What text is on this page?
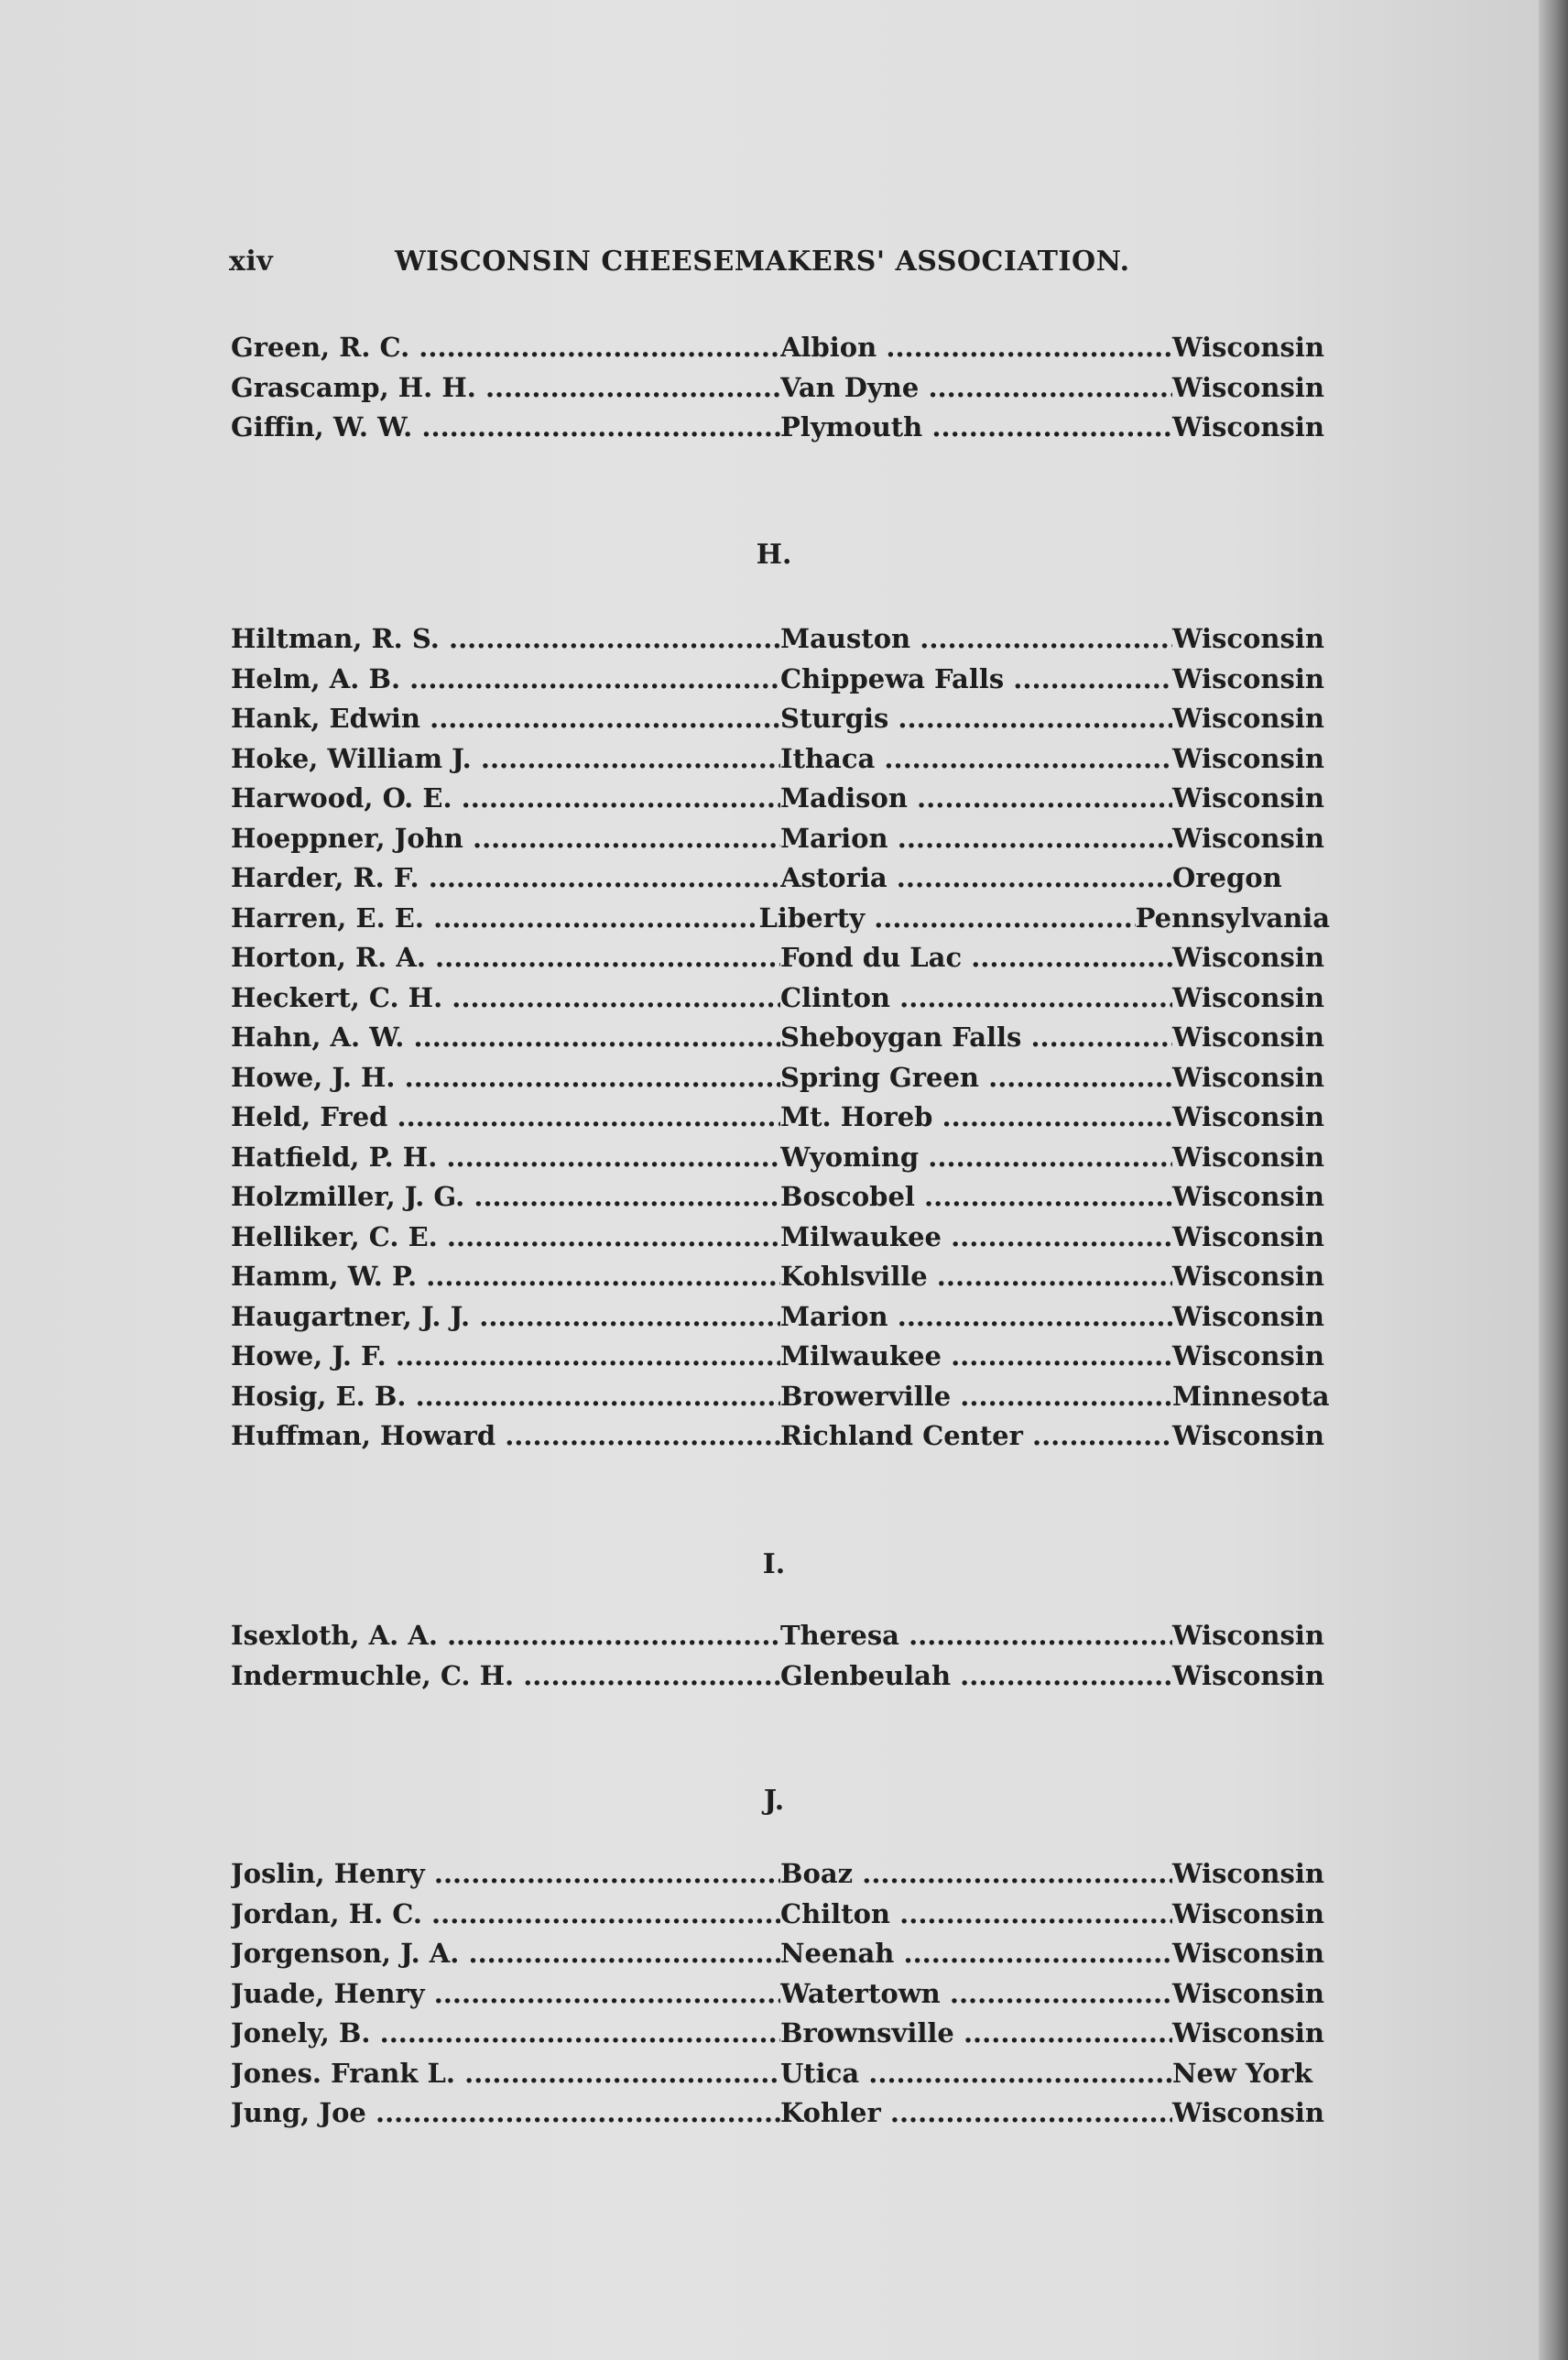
xiv	WISCONSIN CHEESEMAKERS' ASSOCIATION.
Green, R. C. .....	Albion .....	Wisconsin
Grascamp, H. H. .....	Van Dyne .....	Wisconsin
Giffin, W. W. .....	Plymouth .....	Wisconsin
H.
Hiltman, R. S. .....	Mauston .....	Wisconsin
Helm, A. B. .....	Chippewa Falls .....	Wisconsin
Hank, Edwin .....	Sturgis .....	Wisconsin
Hoke, William J. .....	Ithaca .....	Wisconsin
Harwood, O. E. .....	Madison .....	Wisconsin
Hoeppner, John .....	Marion .....	Wisconsin
Harder, R. F. .....	Astoria .....	Oregon
Harren, E. E. .....	Liberty .....	Pennsylvania
Horton, R. A. .....	Fond du Lac .....	Wisconsin
Heckert, C. H. .....	Clinton .....	Wisconsin
Hahn, A. W. .....	Sheboygan Falls .....	Wisconsin
Howe, J. H. .....	Spring Green .....	Wisconsin
Held, Fred .....	Mt. Horeb .....	Wisconsin
Hatfield, P. H. .....	Wyoming .....	Wisconsin
Holzmiller, J. G. .....	Boscobel .....	Wisconsin
Helliker, C. E. .....	Milwaukee .....	Wisconsin
Hamm, W. P. .....	Kohlsville .....	Wisconsin
Haugartner, J. J. .....	Marion .....	Wisconsin
Howe, J. F. .....	Milwaukee .....	Wisconsin
Hosig, E. B. .....	Browerville .....	Minnesota
Huffman, Howard .....	Richland Center .....	Wisconsin
I.
Isexloth, A. A. .....	Theresa .....	Wisconsin
Indermuchle, C. H. .....	Glenbeulah .....	Wisconsin
J.
Joslin, Henry .....	Boaz .....	Wisconsin
Jordan, H. C. .....	Chilton .....	Wisconsin
Jorgenson, J. A. .....	Neenah .....	Wisconsin
Juade, Henry .....	Watertown .....	Wisconsin
Jonely, B. .....	Brownsville .....	Wisconsin
Jones. Frank L. .....	Utica .....	New York
Jung, Joe .....	Kohler .....	Wisconsin
